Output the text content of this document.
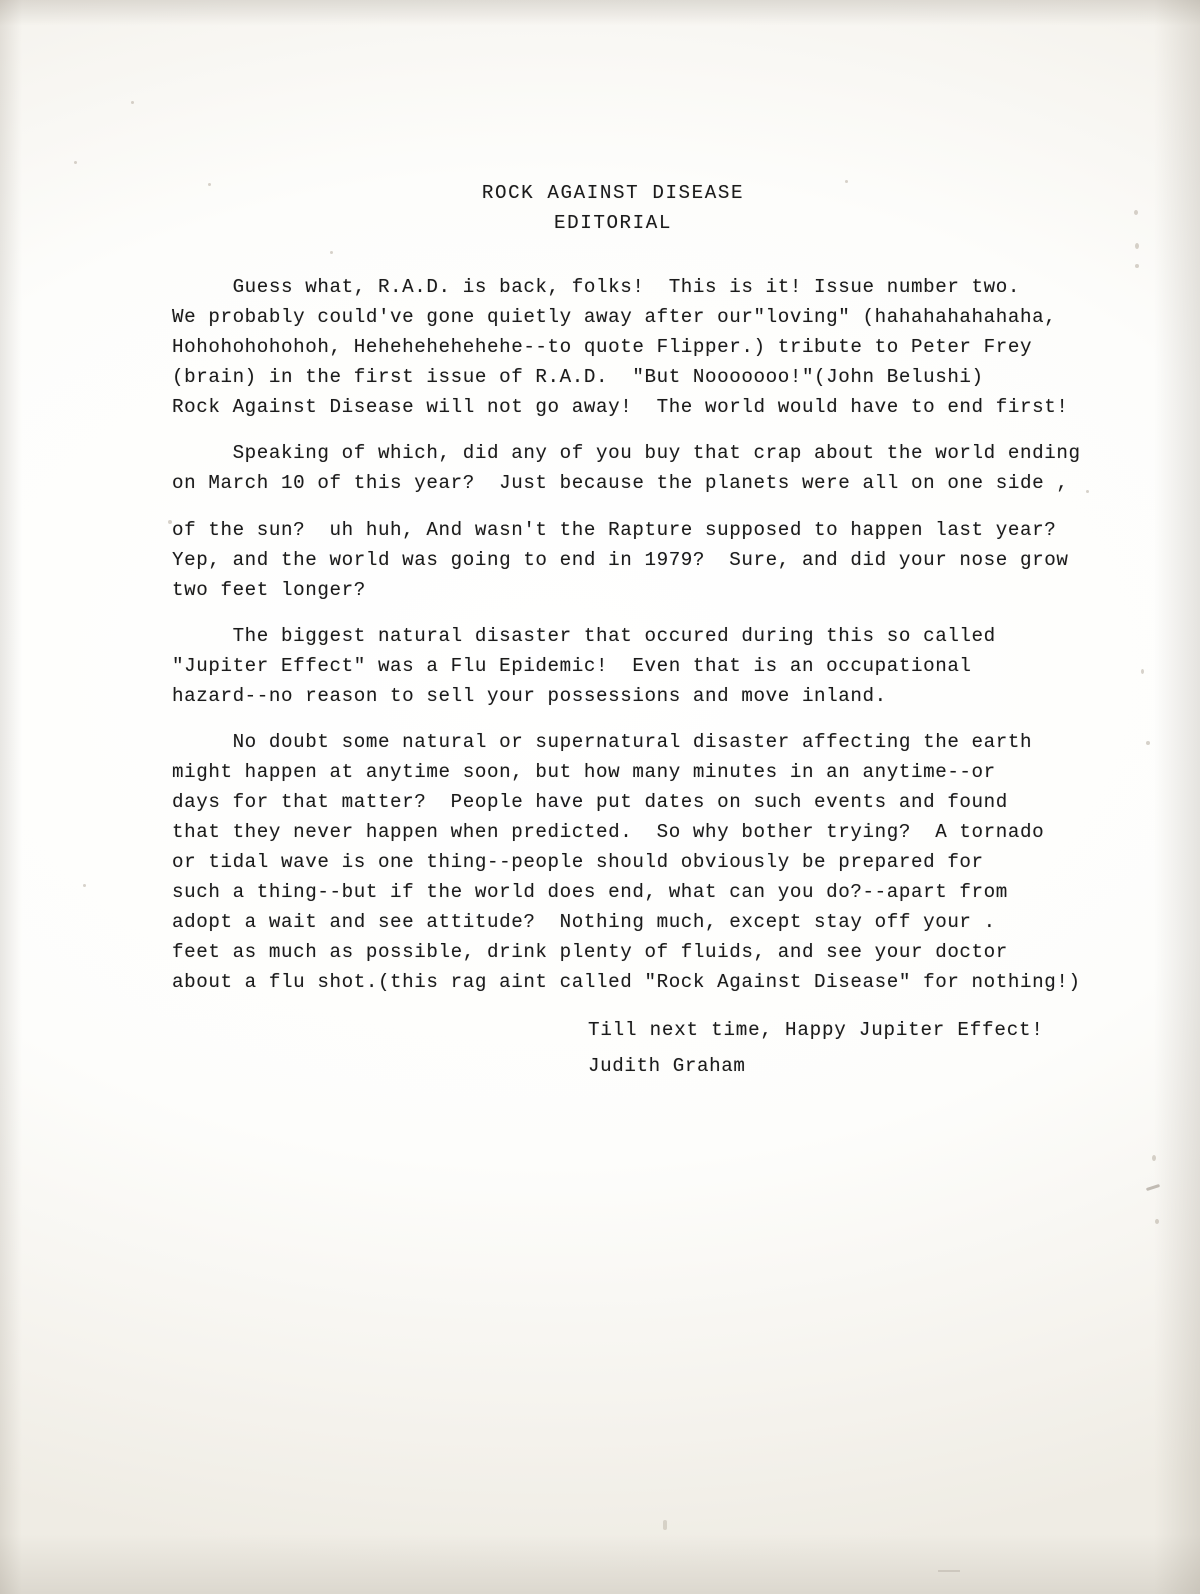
ROCK AGAINST DISEASE
EDITORIAL
Guess what, R.A.D. is back, folks!  This is it! Issue number two.
We probably could've gone quietly away after our"loving" (hahahahahahaha,
Hohohohohohoh, Hehehehehehehe--to quote Flipper.) tribute to Peter Frey
(brain) in the first issue of R.A.D.  "But Nooooooo!"(John Belushi)
Rock Against Disease will not go away!  The world would have to end first!
Speaking of which, did any of you buy that crap about the world ending
on March 10 of this year?  Just because the planets were all on one side ,
of the sun?  uh huh, And wasn't the Rapture supposed to happen last year?
Yep, and the world was going to end in 1979?  Sure, and did your nose grow
two feet longer?
The biggest natural disaster that occured during this so called
"Jupiter Effect" was a Flu Epidemic!  Even that is an occupational
hazard--no reason to sell your possessions and move inland.
No doubt some natural or supernatural disaster affecting the earth
might happen at anytime soon, but how many minutes in an anytime--or
days for that matter?  People have put dates on such events and found
that they never happen when predicted.  So why bother trying?  A tornado
or tidal wave is one thing--people should obviously be prepared for
such a thing--but if the world does end, what can you do?--apart from
adopt a wait and see attitude?  Nothing much, except stay off your .
feet as much as possible, drink plenty of fluids, and see your doctor
about a flu shot.(this rag aint called "Rock Against Disease" for nothing!)
Till next time, Happy Jupiter Effect!
Judith Graham
